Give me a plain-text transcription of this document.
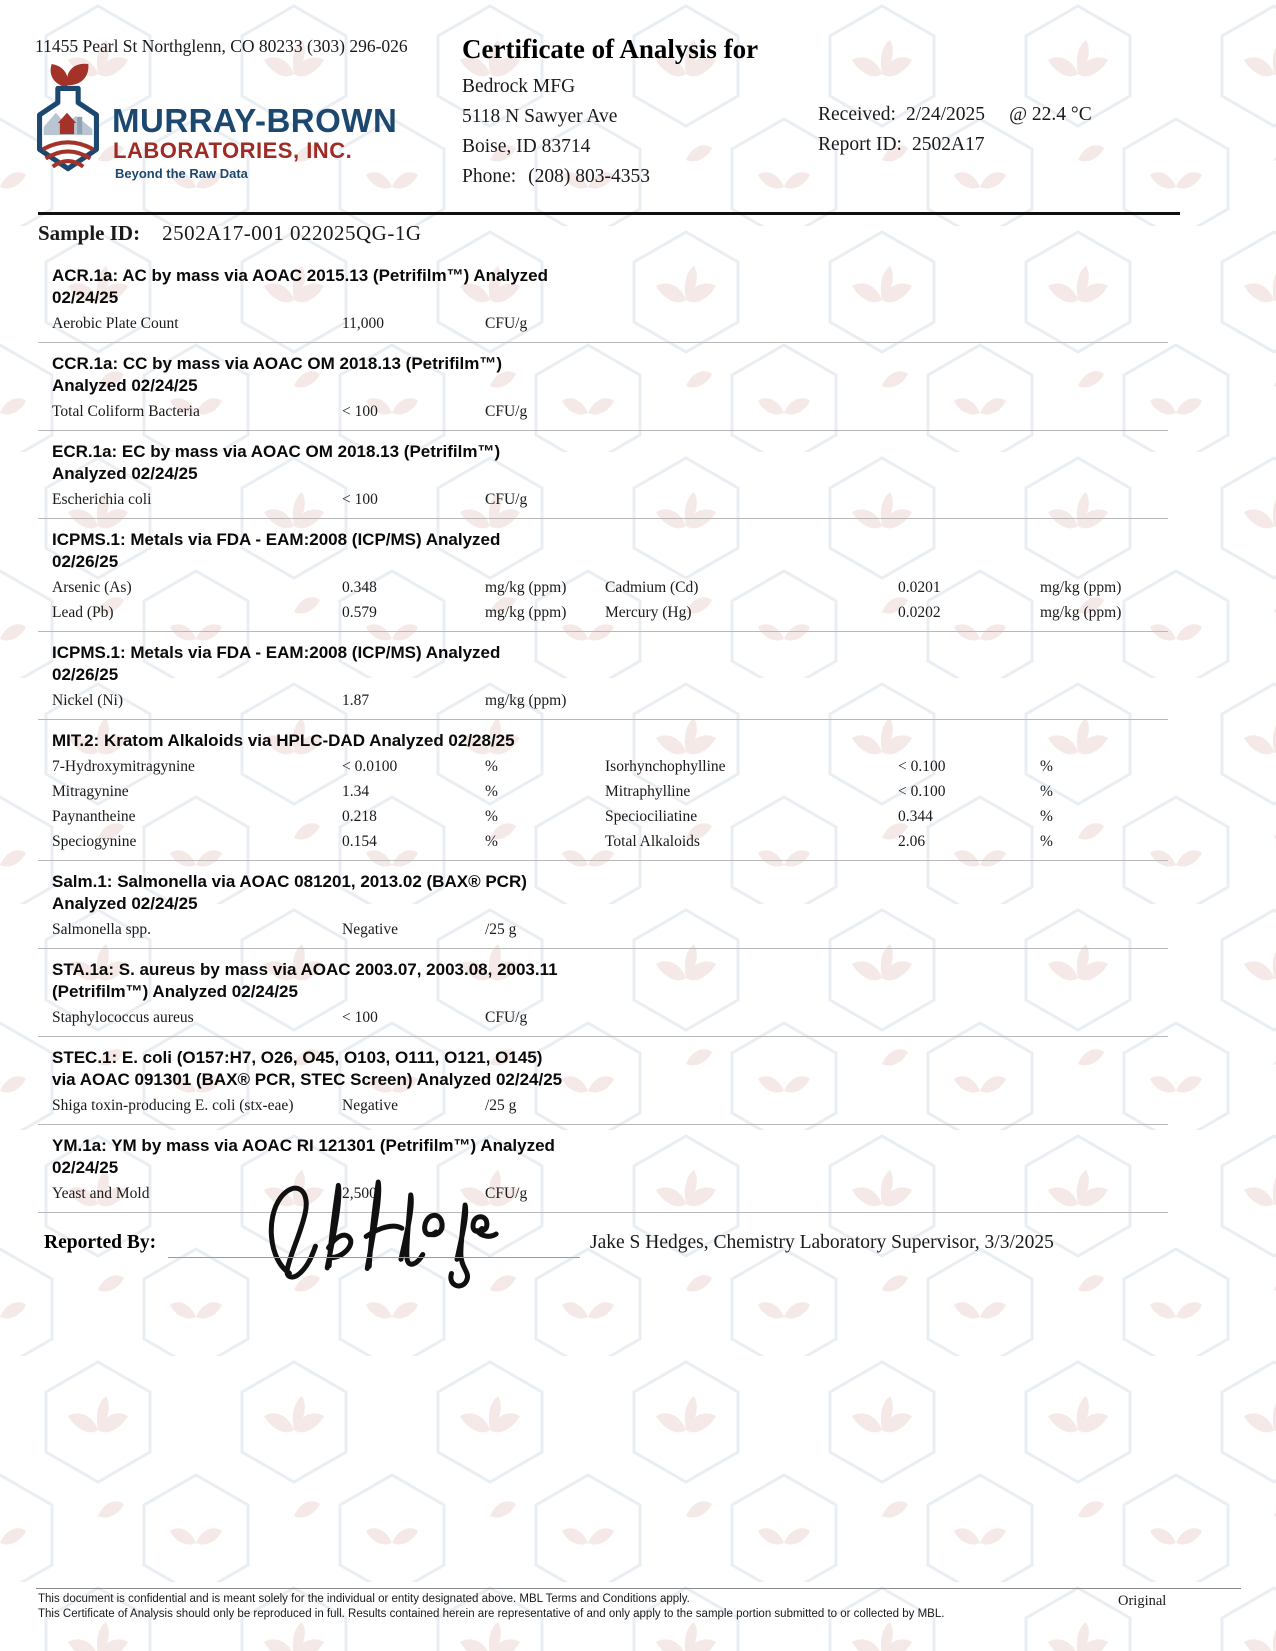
11455 Pearl St Northglenn, CO 80233 (303) 296-026
MURRAY-BROWN
LABORATORIES, INC.
Beyond the Raw Data
Certificate of Analysis for
Bedrock MFG
5118 N Sawyer Ave
Boise, ID 83714
Phone: (208) 803-4353
Received: 2/24/2025 @ 22.4 °C
Report ID: 2502A17
Sample ID: 2502A17-001 022025QG-1G
ACR.1a: AC by mass via AOAC 2015.13 (Petrifilm™) Analyzed 02/24/25
Aerobic Plate Count	11,000	CFU/g
CCR.1a: CC by mass via AOAC OM 2018.13 (Petrifilm™) Analyzed 02/24/25
Total Coliform Bacteria	< 100	CFU/g
ECR.1a: EC by mass via AOAC OM 2018.13 (Petrifilm™) Analyzed 02/24/25
Escherichia coli	< 100	CFU/g
ICPMS.1: Metals via FDA - EAM:2008 (ICP/MS) Analyzed 02/26/25
Arsenic (As)	0.348	mg/kg (ppm)	Cadmium (Cd)	0.0201	mg/kg (ppm)
Lead (Pb)	0.579	mg/kg (ppm)	Mercury (Hg)	0.0202	mg/kg (ppm)
ICPMS.1: Metals via FDA - EAM:2008 (ICP/MS) Analyzed 02/26/25
Nickel (Ni)	1.87	mg/kg (ppm)
MIT.2: Kratom Alkaloids via HPLC-DAD Analyzed 02/28/25
7-Hydroxymitragynine	< 0.0100	%	Isorhynchophylline	< 0.100	%
Mitragynine	1.34	%	Mitraphylline	< 0.100	%
Paynantheine	0.218	%	Speciociliatine	0.344	%
Speciogynine	0.154	%	Total Alkaloids	2.06	%
Salm.1: Salmonella via AOAC 081201, 2013.02 (BAX® PCR) Analyzed 02/24/25
Salmonella spp.	Negative	/25 g
STA.1a: S. aureus by mass via AOAC 2003.07, 2003.08, 2003.11 (Petrifilm™) Analyzed 02/24/25
Staphylococcus aureus	< 100	CFU/g
STEC.1: E. coli (O157:H7, O26, O45, O103, O111, O121, O145) via AOAC 091301 (BAX® PCR, STEC Screen) Analyzed 02/24/25
Shiga toxin-producing E. coli (stx-eae)	Negative	/25 g
YM.1a: YM by mass via AOAC RI 121301 (Petrifilm™) Analyzed 02/24/25
Yeast and Mold	2,500	CFU/g
Reported By:	Jake S Hedges, Chemistry Laboratory Supervisor, 3/3/2025
This document is confidential and is meant solely for the individual or entity designated above. MBL Terms and Conditions apply.
This Certificate of Analysis should only be reproduced in full. Results contained herein are representative of and only apply to the sample portion submitted to or collected by MBL.
Original
